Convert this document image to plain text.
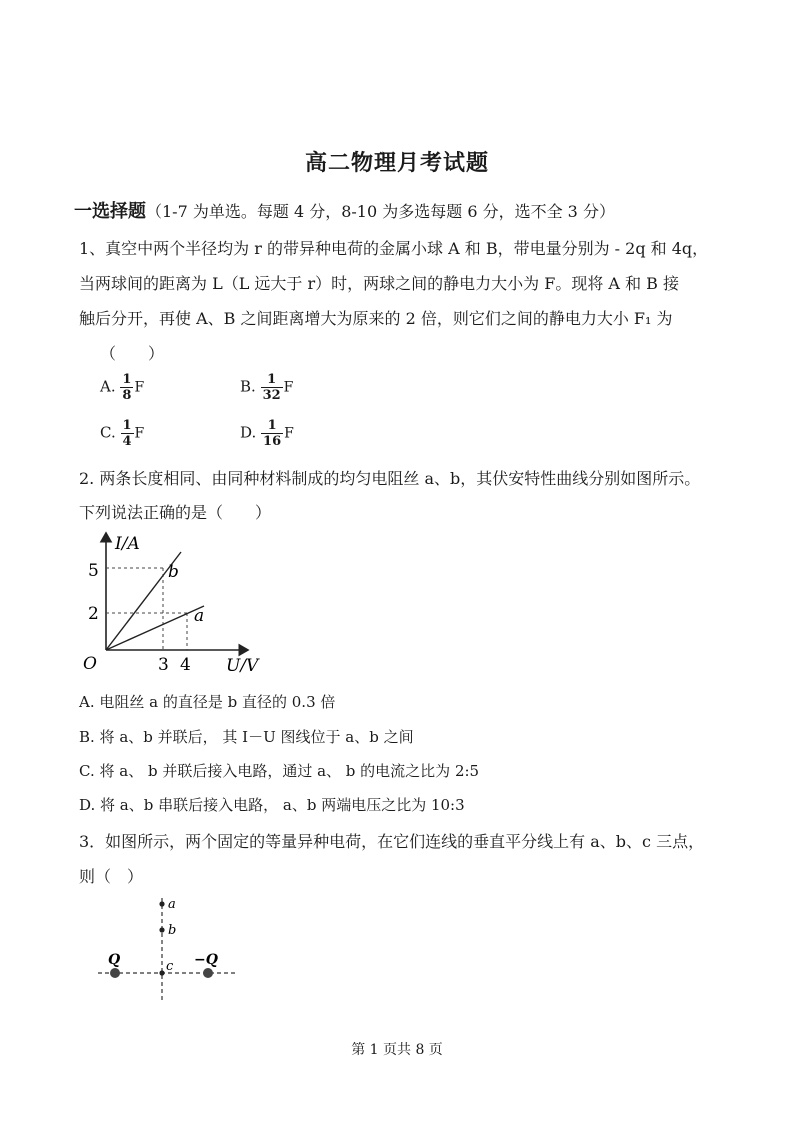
高二物理月考试题
一选择题（1-7 为单选。每题 4 分，8-10 为多选每题 6 分，选不全 3 分）
1、真空中两个半径均为 r 的带异种电荷的金属小球 A 和 B，带电量分别为 - 2q 和 4q，
当两球间的距离为 L（L 远大于 r）时，两球之间的静电力大小为 F。现将 A 和 B 接
触后分开，再使 A、B 之间距离增大为原来的 2 倍，则它们之间的静电力大小 F₁ 为
（　　）
A. $\frac{1}{8}$ F	B. $\frac{1}{32}$ F
C. $\frac{1}{4}$ F	D. $\frac{1}{16}$ F
2. 两条长度相同、由同种材料制成的均匀电阻丝 a、b，其伏安特性曲线分别如图所示。
下列说法正确的是（　　）
I/A
U/V
O
5
2
3 4
b
a
A. 电阻丝 a 的直径是 b 直径的 0.3 倍
B. 将 a、b 并联后， 其 I－U 图线位于 a、b 之间
C. 将 a、 b 并联后接入电路，通过 a、 b 的电流之比为 2:5
D. 将 a、b 串联后接入电路， a、b 两端电压之比为 10:3
3．如图所示，两个固定的等量异种电荷，在它们连线的垂直平分线上有 a、b、c 三点，
则（　）
a
b
c
Q	−Q
第 1 页共 8 页
